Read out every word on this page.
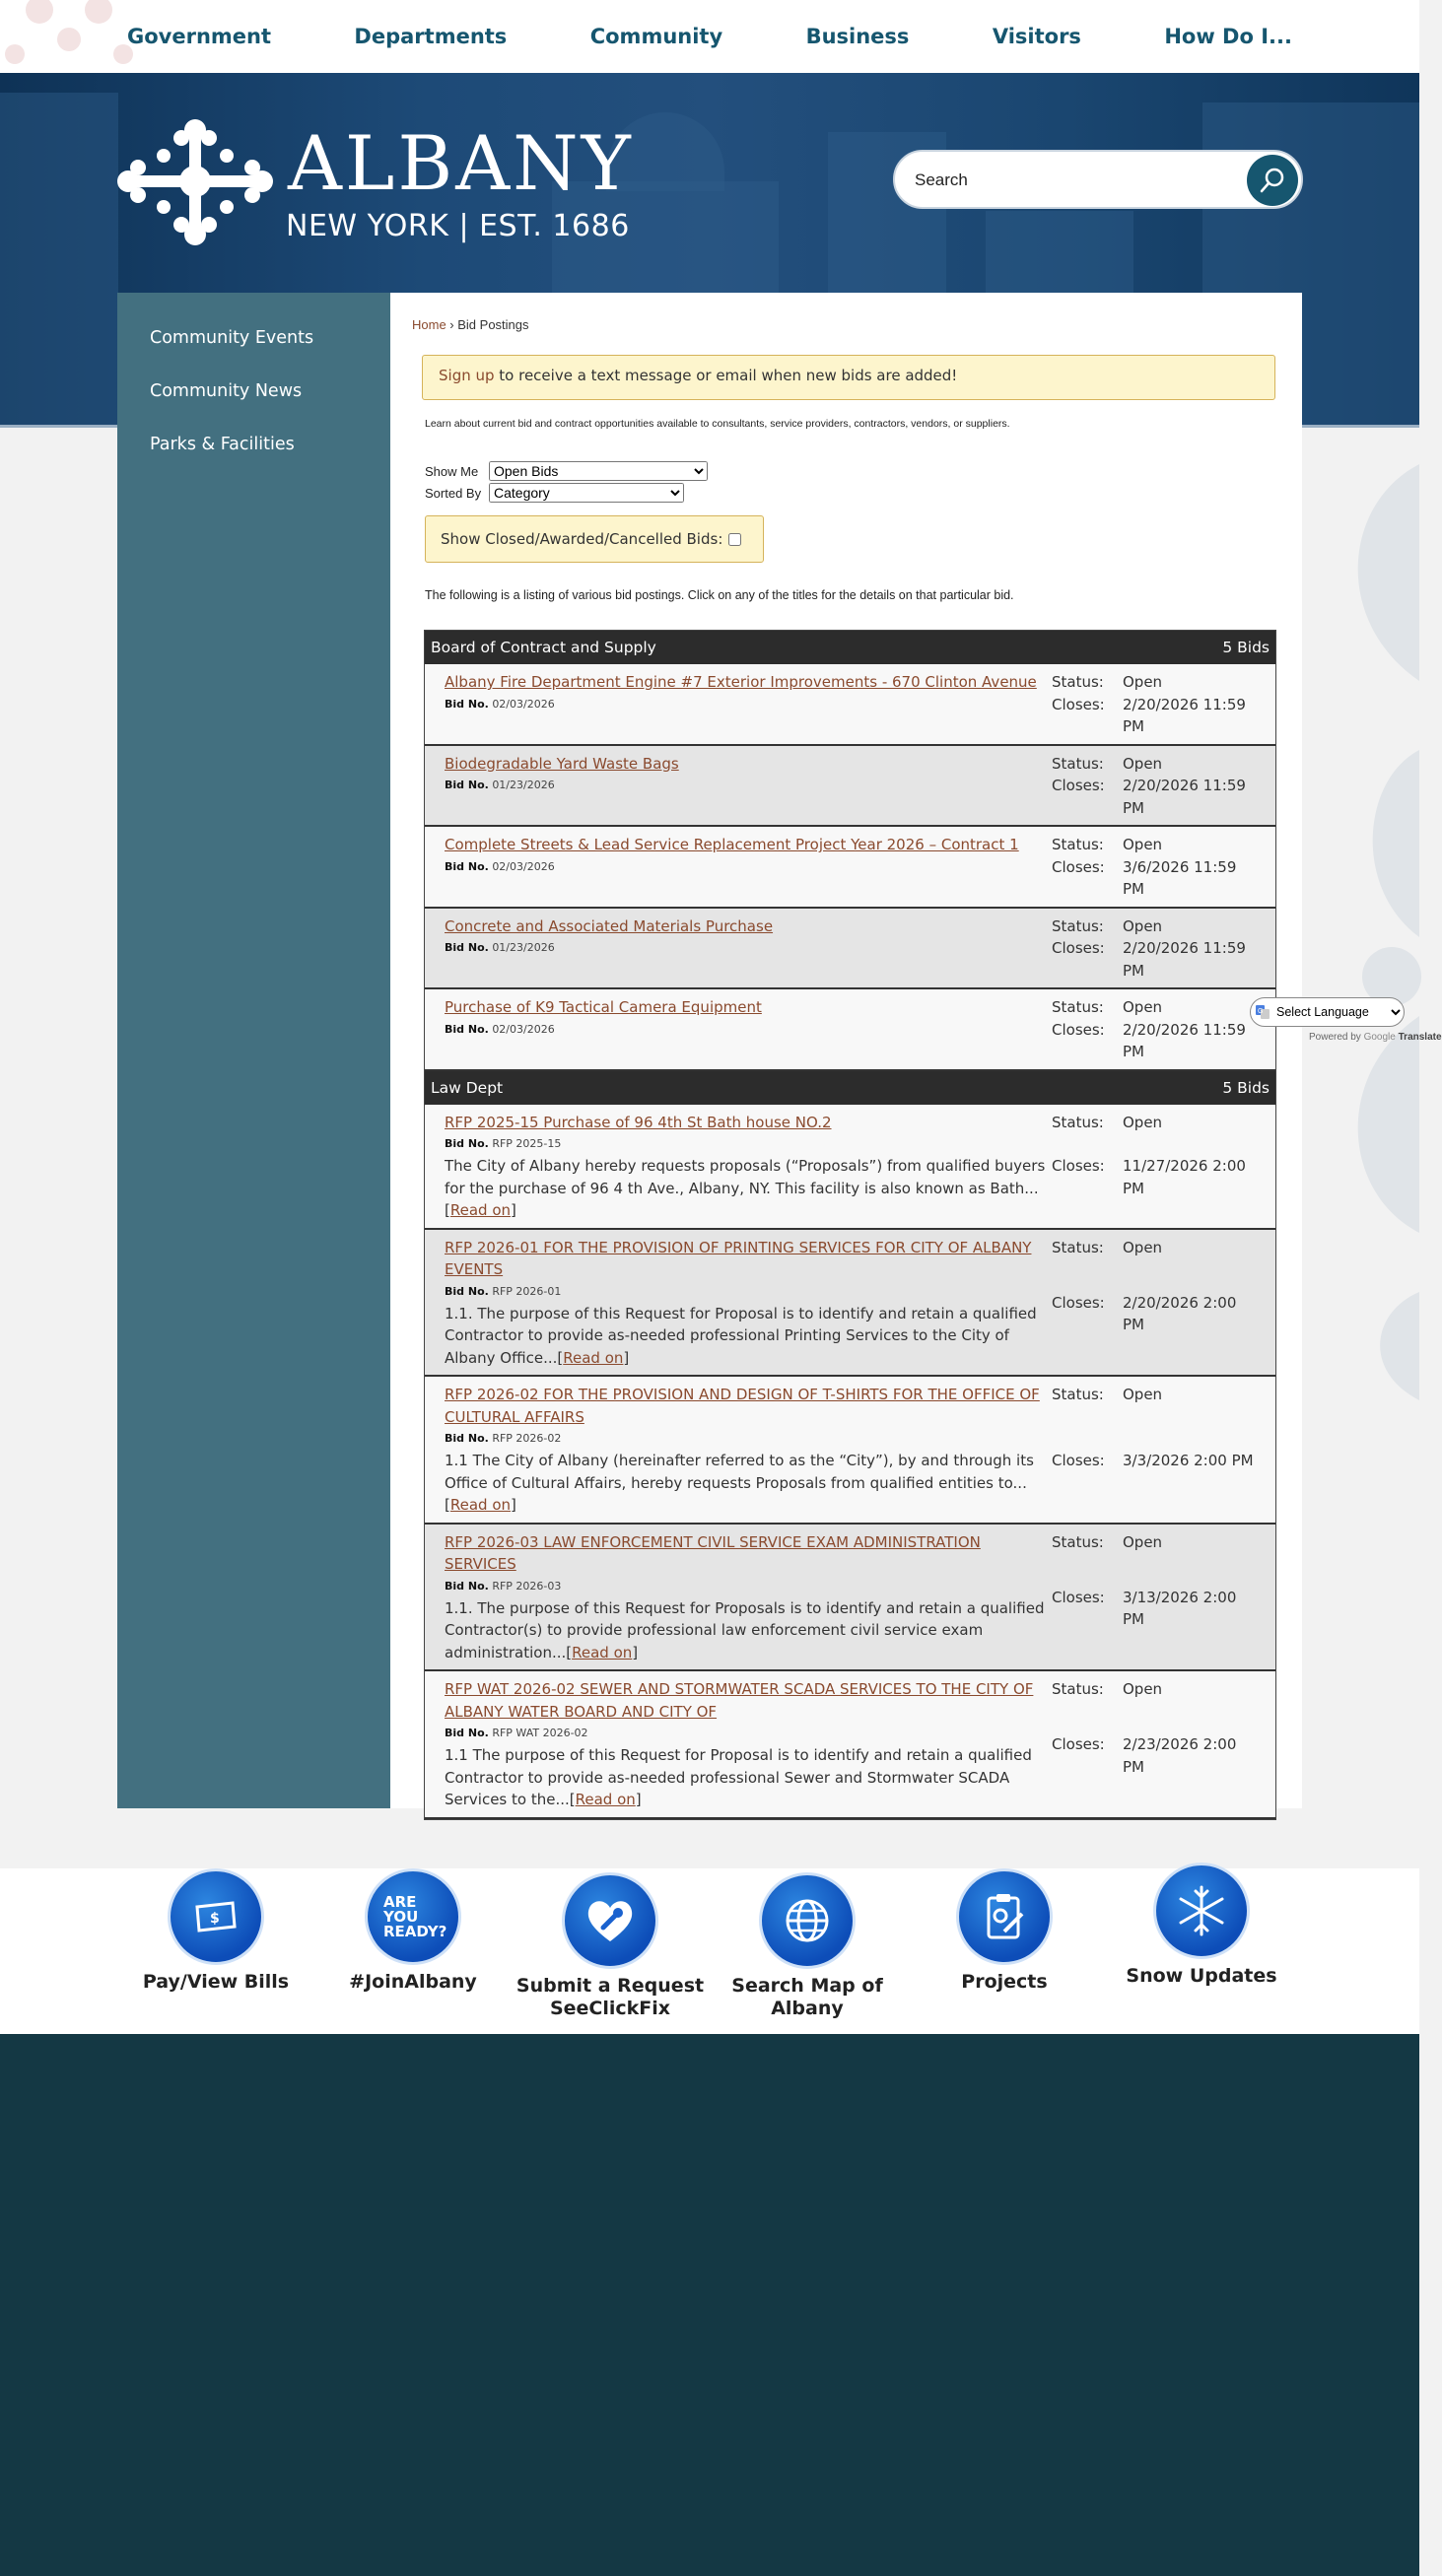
Government	Departments	Community	Business	Visitors	How Do I...
ALBANY
NEW YORK | EST. 1686
Search
Community Events
Community News
Parks & Facilities
Home › Bid Postings
Sign up to receive a text message or email when new bids are added!
Learn about current bid and contract opportunities available to consultants, service providers, contractors, vendors, or suppliers.
Show Me
Open Bids
Sorted By
Category
Show Closed/Awarded/Cancelled Bids:
The following is a listing of various bid postings. Click on any of the titles for the details on that particular bid.
Board of Contract and Supply	5 Bids
Albany Fire Department Engine #7 Exterior Improvements - 670 Clinton Avenue
Bid No. 02/03/2026
Status:	Open
Closes:	2/20/2026 11:59 PM
Biodegradable Yard Waste Bags
Bid No. 01/23/2026
Status:	Open
Closes:	2/20/2026 11:59 PM
Complete Streets & Lead Service Replacement Project Year 2026 – Contract 1
Bid No. 02/03/2026
Status:	Open
Closes:	3/6/2026 11:59 PM
Concrete and Associated Materials Purchase
Bid No. 01/23/2026
Status:	Open
Closes:	2/20/2026 11:59 PM
Purchase of K9 Tactical Camera Equipment
Bid No. 02/03/2026
Status:	Open
Closes:	2/20/2026 11:59 PM
Law Dept	5 Bids
RFP 2025-15 Purchase of 96 4th St Bath house NO.2
Bid No. RFP 2025-15
The City of Albany hereby requests proposals (“Proposals”) from qualified buyers for the purchase of 96 4 th Ave., Albany, NY. This facility is also known as Bath...[Read on]
Status:	Open
Closes:	11/27/2026 2:00 PM
RFP 2026-01 FOR THE PROVISION OF PRINTING SERVICES FOR CITY OF ALBANY EVENTS
Bid No. RFP 2026-01
1.1. The purpose of this Request for Proposal is to identify and retain a qualified Contractor to provide as-needed professional Printing Services to the City of Albany Office...[Read on]
Status:	Open
Closes:	2/20/2026 2:00 PM
RFP 2026-02 FOR THE PROVISION AND DESIGN OF T-SHIRTS FOR THE OFFICE OF CULTURAL AFFAIRS
Bid No. RFP 2026-02
1.1 The City of Albany (hereinafter referred to as the “City”), by and through its Office of Cultural Affairs, hereby requests Proposals from qualified entities to...[Read on]
Status:	Open
Closes:	3/3/2026 2:00 PM
RFP 2026-03 LAW ENFORCEMENT CIVIL SERVICE EXAM ADMINISTRATION SERVICES
Bid No. RFP 2026-03
1.1. The purpose of this Request for Proposals is to identify and retain a qualified Contractor(s) to provide professional law enforcement civil service exam administration...[Read on]
Status:	Open
Closes:	3/13/2026 2:00 PM
RFP WAT 2026-02 SEWER AND STORMWATER SCADA SERVICES TO THE CITY OF ALBANY WATER BOARD AND CITY OF
Bid No. RFP WAT 2026-02
1.1 The purpose of this Request for Proposal is to identify and retain a qualified Contractor to provide as-needed professional Sewer and Stormwater SCADA Services to the...[Read on]
Status:	Open
Closes:	2/23/2026 2:00 PM
G
Select Language
Powered by Google Translate
$
Pay/View Bills
ARE YOU READY?
#JoinAlbany	Submit a Request SeeClickFix
Search Map of Albany
Projects	Snow Updates
